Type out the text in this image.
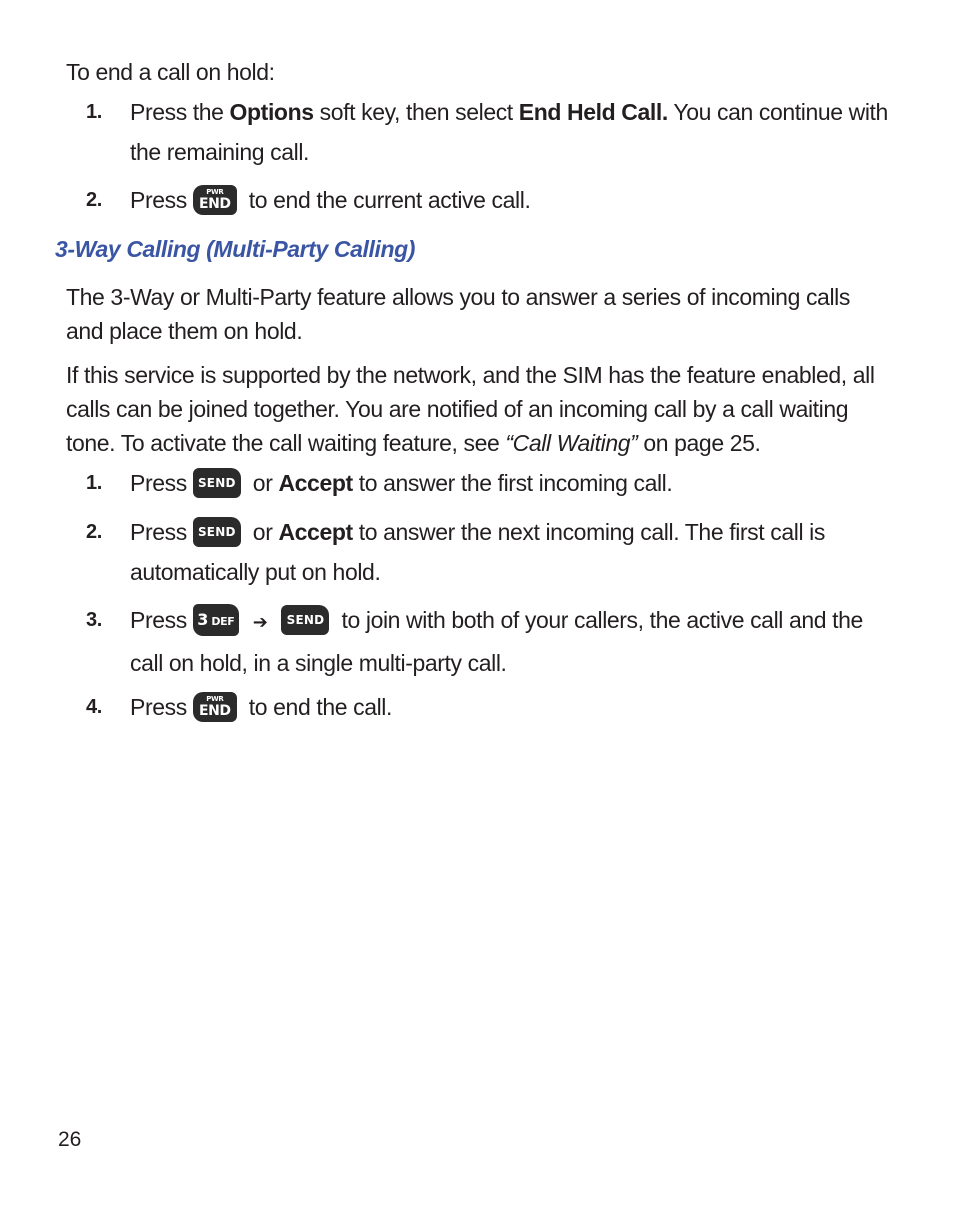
To end a call on hold:
1. Press the Options soft key, then select End Held Call. You can continue with the remaining call.
2. Press	PWR
END to end the current active call.
3-Way Calling (Multi-Party Calling)
The 3-Way or Multi-Party feature allows you to answer a series of incoming calls and place them on hold.
If this service is supported by the network, and the SIM has the feature enabled, all calls can be joined together. You are notified of an incoming call by a call waiting tone. To activate the call waiting feature, see “Call Waiting” on page 25.
1. Press SEND or Accept to answer the first incoming call.
2. Press SEND or Accept to answer the next incoming call. The first call is automatically put on hold.
3. Press 3 DEF ➔ SEND to join with both of your callers, the active call and the call on hold, in a single multi-party call.
4. Press	PWR
END to end the call.
26
